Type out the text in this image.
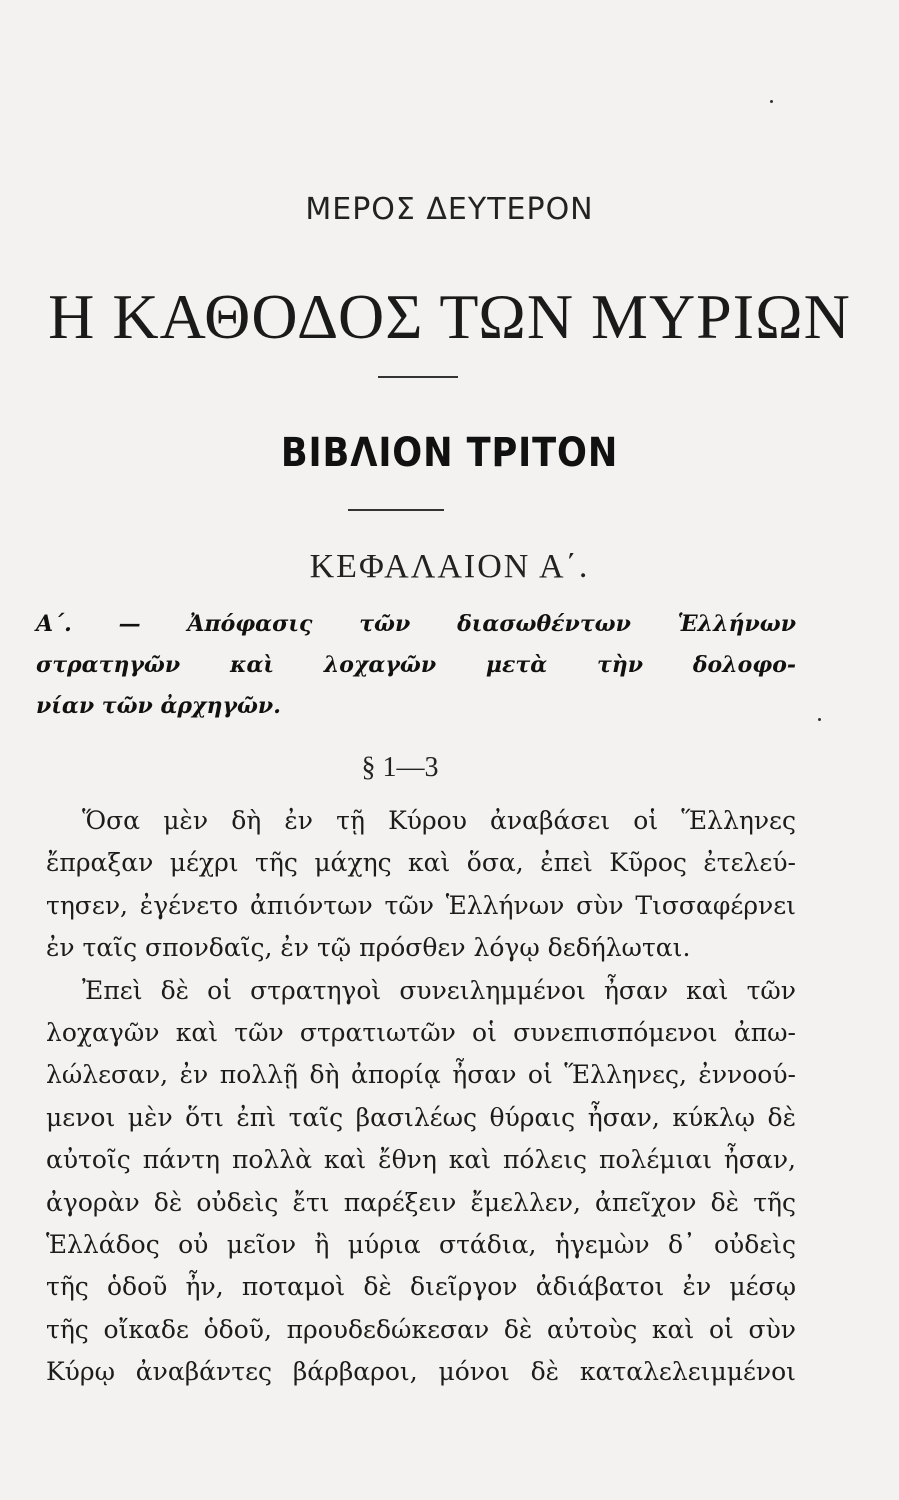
ΜΕΡΟΣ ΔΕΥΤΕΡΟΝ
Η ΚΑΘΟΔΟΣ ΤΩΝ ΜΥΡΙΩΝ
ΒΙΒΛΙΟΝ ΤΡΙΤΟΝ
ΚΕΦΑΛΑΙΟΝ Α΄.
Α΄. — Ἀπόφασις τῶν διασωθέντων Ἑλλήνων
στρατηγῶν καὶ λοχαγῶν μετὰ τὴν δολοφο-
νίαν τῶν ἀρχηγῶν.
§ 1—3
Ὅσα μὲν δὴ ἐν τῇ Κύρου ἀναβάσει οἱ Ἕλληνες
ἔπραξαν μέχρι τῆς μάχης καὶ ὅσα, ἐπεὶ Κῦρος ἐτελεύ-
τησεν, ἐγένετο ἀπιόντων τῶν Ἑλλήνων σὺν Τισσαφέρνει
ἐν ταῖς σπονδαῖς, ἐν τῷ πρόσθεν λόγῳ δεδήλωται.
Ἐπεὶ δὲ οἱ στρατηγοὶ συνειλημμένοι ἦσαν καὶ τῶν
λοχαγῶν καὶ τῶν στρατιωτῶν οἱ συνεπισπόμενοι ἀπω-
λώλεσαν, ἐν πολλῇ δὴ ἀπορίᾳ ἦσαν οἱ Ἕλληνες, ἐννοού-
μενοι μὲν ὅτι ἐπὶ ταῖς βασιλέως θύραις ἦσαν, κύκλῳ δὲ
αὐτοῖς πάντη πολλὰ καὶ ἔθνη καὶ πόλεις πολέμιαι ἦσαν,
ἀγορὰν δὲ οὐδεὶς ἔτι παρέξειν ἔμελλεν, ἀπεῖχον δὲ τῆς
Ἑλλάδος οὐ μεῖον ἢ μύρια στάδια, ἡγεμὼν δ᾽ οὐδεὶς
τῆς ὁδοῦ ἦν, ποταμοὶ δὲ διεῖργον ἀδιάβατοι ἐν μέσῳ
τῆς οἴκαδε ὁδοῦ, προυδεδώκεσαν δὲ αὐτοὺς καὶ οἱ σὺν
Κύρῳ ἀναβάντες βάρβαροι, μόνοι δὲ καταλελειμμένοι
